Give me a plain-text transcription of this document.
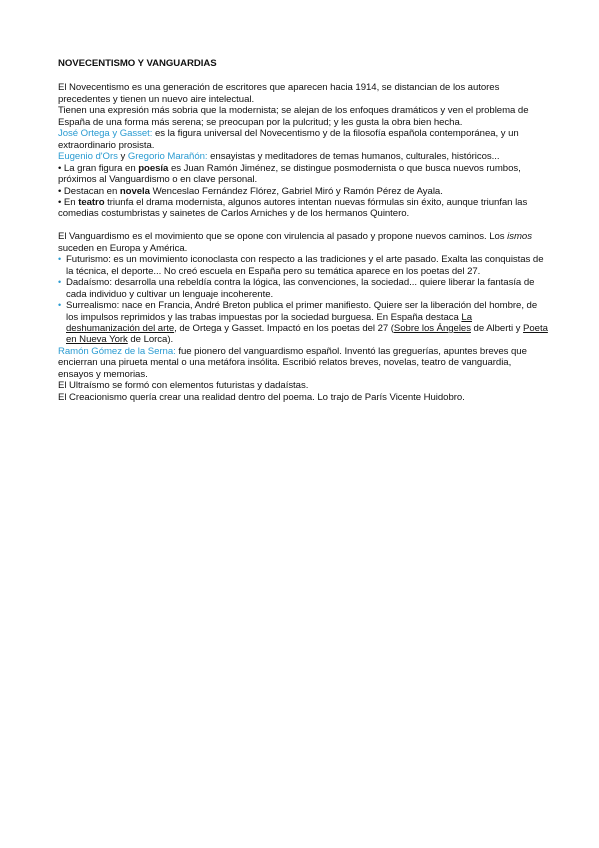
NOVECENTISMO Y VANGUARDIAS

El Novecentismo es una generación de escritores que aparecen hacia 1914, se distancian de los autores precedentes y tienen un nuevo aire intelectual.

Tienen una expresión más sobria que la modernista; se alejan de los enfoques dramáticos y ven el problema de España de una forma más serena; se preocupan por la pulcritud; y les gusta la obra bien hecha.

José Ortega y Gasset: es la figura universal del Novecentismo y de la filosofía española contemporánea, y un extraordinario prosista.

Eugenio d'Ors y Gregorio Marañón: ensayistas y meditadores de temas humanos, culturales, históricos...

• La gran figura en poesía es Juan Ramón Jiménez, se distingue posmodernista o que busca nuevos rumbos, próximos al Vanguardismo o en clave personal.

• Destacan en novela Wenceslao Fernández Flórez, Gabriel Miró y Ramón Pérez de Ayala.

• En teatro triunfa el drama modernista, algunos autores intentan nuevas fórmulas sin éxito, aunque triunfan las comedias costumbristas y sainetes de Carlos Arniches y de los hermanos Quintero.

El Vanguardismo es el movimiento que se opone con virulencia al pasado y propone nuevos caminos. Los ismos suceden en Europa y América.

• Futurismo: es un movimiento iconoclasta con respecto a las tradiciones y el arte pasado. Exalta las conquistas de la técnica, el deporte... No creó escuela en España pero su temática aparece en los poetas del 27.
• Dadaísmo: desarrolla una rebeldía contra la lógica, las convenciones, la sociedad... quiere liberar la fantasía de cada individuo y cultivar un lenguaje incoherente.
• Surrealismo: nace en Francia, André Breton publica el primer manifiesto. Quiere ser la liberación del hombre, de los impulsos reprimidos y las trabas impuestas por la sociedad burguesa. En España destaca La deshumanización del arte, de Ortega y Gasset. Impactó en los poetas del 27 (Sobre los Ángeles de Alberti y Poeta en Nueva York de Lorca).

Ramón Gómez de la Serna: fue pionero del vanguardismo español. Inventó las greguerías, apuntes breves que encierran una pirueta mental o una metáfora insólita. Escribió relatos breves, novelas, teatro de vanguardia, ensayos y memorias.

El Ultraísmo se formó con elementos futuristas y dadaístas.

El Creacionismo quería crear una realidad dentro del poema. Lo trajo de París Vicente Huidobro.
